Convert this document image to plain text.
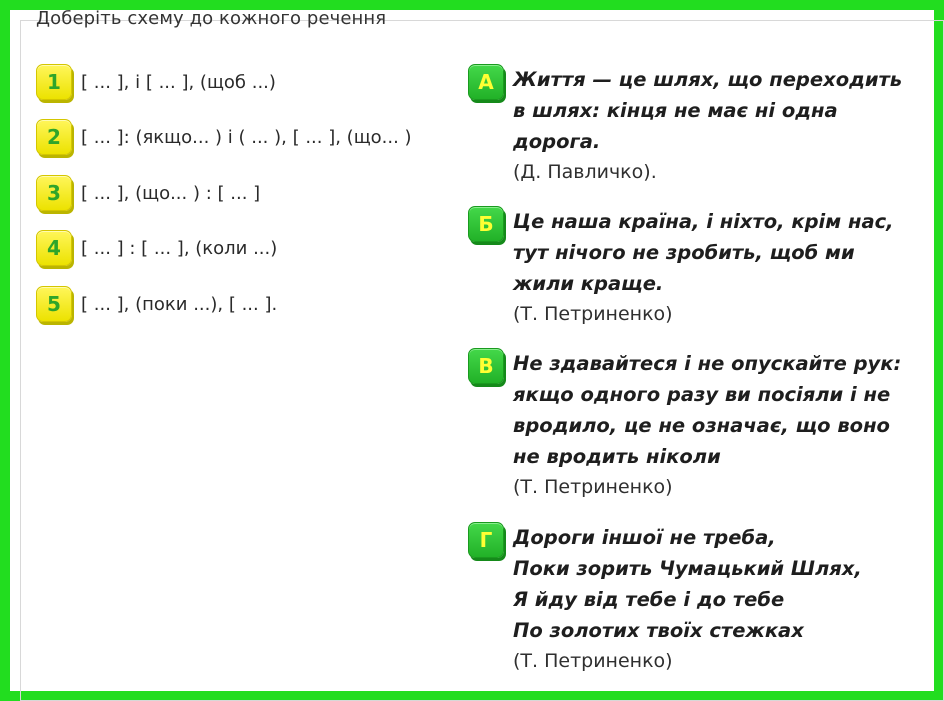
Доберіть схему до кожного речення
1	[ ... ], і [ ... ], (щоб ...)
2	[ ... ]: (якщо... ) і ( ... ), [ ... ], (що... )
3	[ ... ], (що... ) : [ ... ]
4	[ ... ] : [ ... ], (коли ...)
5	[ ... ], (поки ...), [ ... ].
А Життя — це шлях, що переходить в шлях: кінця не має ні одна дорога.
(Д. Павличко).
Б Це наша країна, і ніхто, крім нас, тут нічого не зробить, щоб ми жили краще.
(Т. Петриненко)
В Не здавайтеся і не опускайте рук: якщо одного разу ви посіяли і не вродило, це не означає, що воно не вродить ніколи
(Т. Петриненко)
Г	Дороги іншої не треба,
Поки зорить Чумацький Шлях,
Я йду від тебе і до тебе
По золотих твоїх стежках
(Т. Петриненко)
